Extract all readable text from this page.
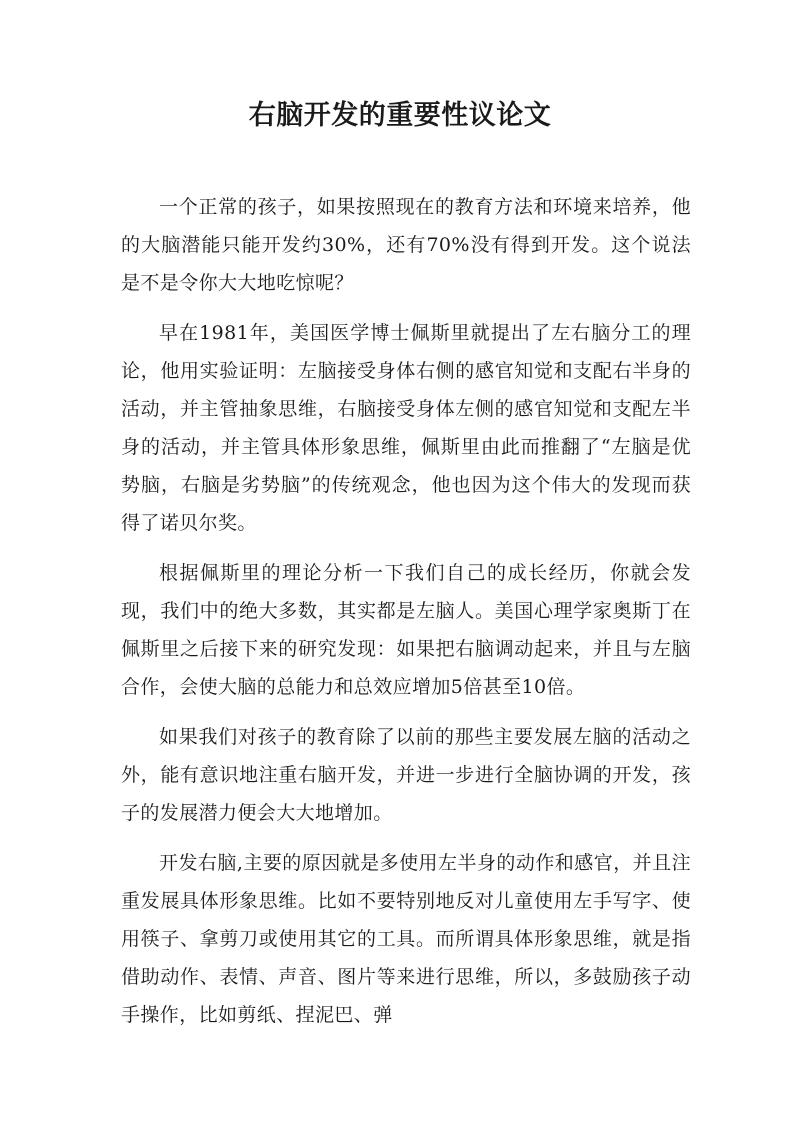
右脑开发的重要性议论文

一个正常的孩子，如果按照现在的教育方法和环境来培养，他的大脑潜能只能开发约30%，还有70%没有得到开发。这个说法是不是令你大大地吃惊呢？

早在1981年，美国医学博士佩斯里就提出了左右脑分工的理论，他用实验证明：左脑接受身体右侧的感官知觉和支配右半身的活动，并主管抽象思维，右脑接受身体左侧的感官知觉和支配左半身的活动，并主管具体形象思维，佩斯里由此而推翻了“左脑是优势脑，右脑是劣势脑”的传统观念，他也因为这个伟大的发现而获得了诺贝尔奖。

根据佩斯里的理论分析一下我们自己的成长经历，你就会发现，我们中的绝大多数，其实都是左脑人。美国心理学家奥斯丁在佩斯里之后接下来的研究发现：如果把右脑调动起来，并且与左脑合作，会使大脑的总能力和总效应增加5倍甚至10倍。

如果我们对孩子的教育除了以前的那些主要发展左脑的活动之外，能有意识地注重右脑开发，并进一步进行全脑协调的开发，孩子的发展潜力便会大大地增加。

开发右脑,主要的原因就是多使用左半身的动作和感官，并且注重发展具体形象思维。比如不要特别地反对儿童使用左手写字、使用筷子、拿剪刀或使用其它的工具。而所谓具体形象思维，就是指借助动作、表情、声音、图片等来进行思维，所以，多鼓励孩子动手操作，比如剪纸、捏泥巴、弹
